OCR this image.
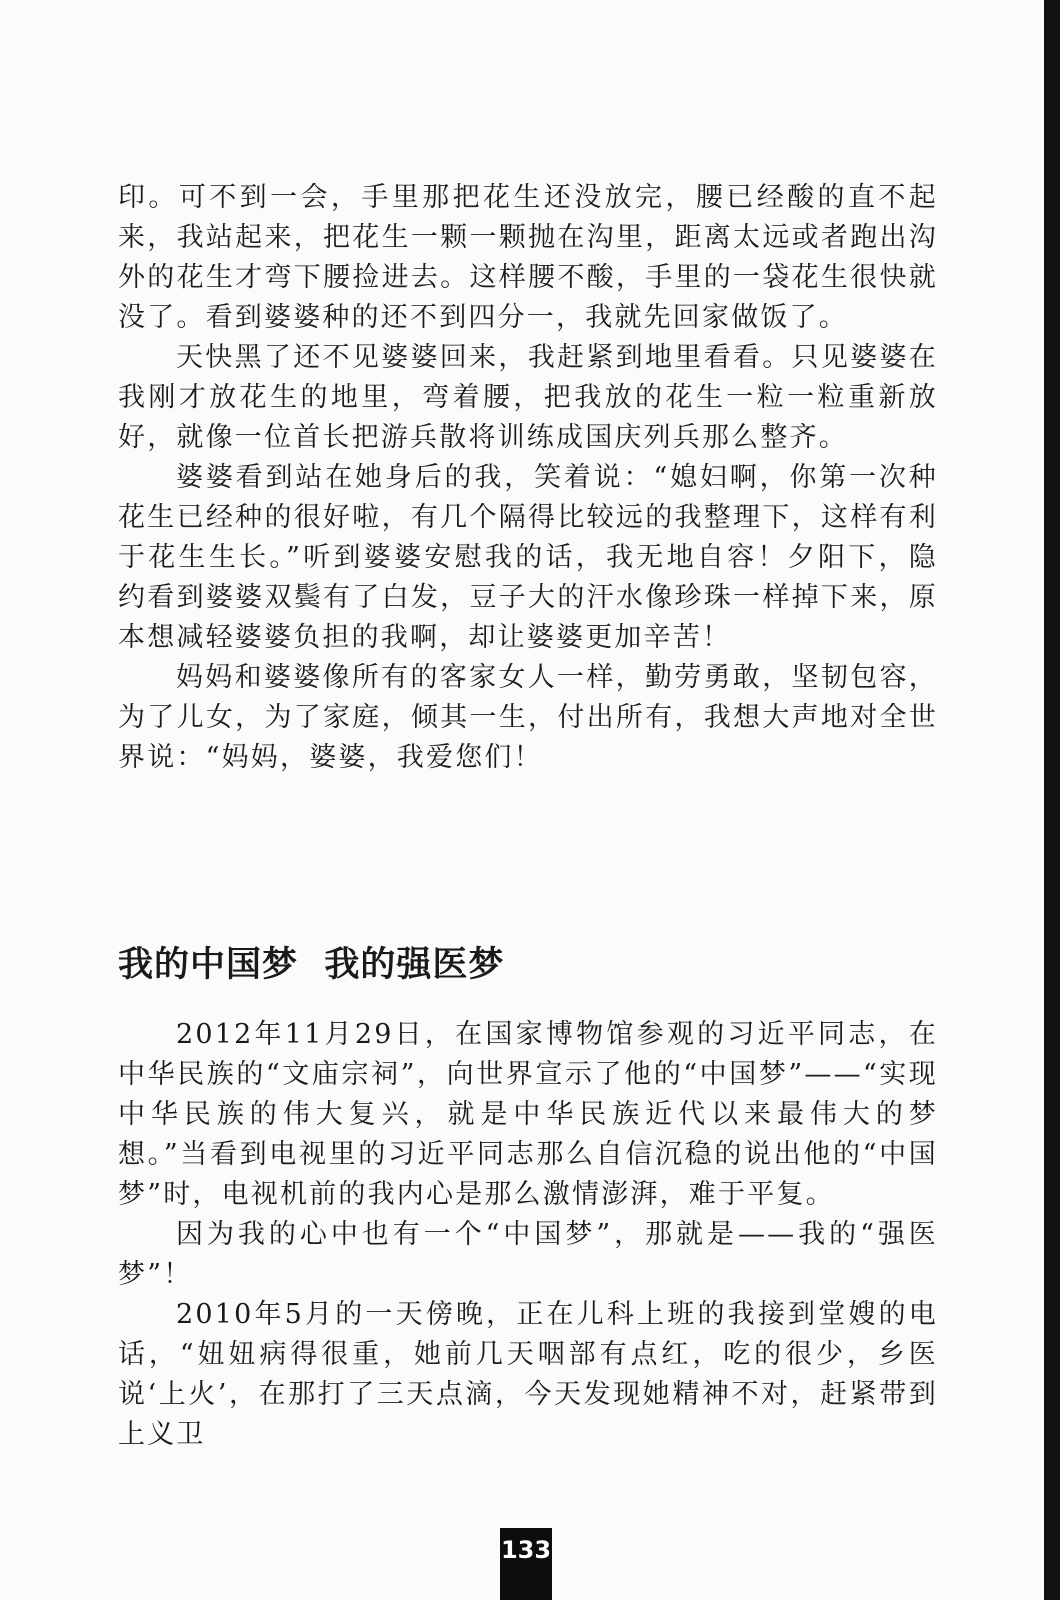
印。可不到一会，手里那把花生还没放完，腰已经酸的直不起来，我站起来，把花生一颗一颗抛在沟里，距离太远或者跑出沟外的花生才弯下腰捡进去。这样腰不酸，手里的一袋花生很快就没了。看到婆婆种的还不到四分一，我就先回家做饭了。

天快黑了还不见婆婆回来，我赶紧到地里看看。只见婆婆在我刚才放花生的地里，弯着腰，把我放的花生一粒一粒重新放好，就像一位首长把游兵散将训练成国庆列兵那么整齐。

婆婆看到站在她身后的我，笑着说：“媳妇啊，你第一次种花生已经种的很好啦，有几个隔得比较远的我整理下，这样有利于花生生长。”听到婆婆安慰我的话，我无地自容！夕阳下，隐约看到婆婆双鬓有了白发，豆子大的汗水像珍珠一样掉下来，原本想减轻婆婆负担的我啊，却让婆婆更加辛苦！

妈妈和婆婆像所有的客家女人一样，勤劳勇敢，坚韧包容，为了儿女，为了家庭，倾其一生，付出所有，我想大声地对全世界说：“妈妈，婆婆，我爱您们！

我的中国梦  我的强医梦

2012年11月29日，在国家博物馆参观的习近平同志，在中华民族的“文庙宗祠”，向世界宣示了他的“中国梦”——“实现中华民族的伟大复兴，就是中华民族近代以来最伟大的梦想。”当看到电视里的习近平同志那么自信沉稳的说出他的“中国梦”时，电视机前的我内心是那么激情澎湃，难于平复。

因为我的心中也有一个“中国梦”，那就是——我的“强医梦”！

2010年5月的一天傍晚，正在儿科上班的我接到堂嫂的电话，“妞妞病得很重，她前几天咽部有点红，吃的很少，乡医说‘上火’，在那打了三天点滴，今天发现她精神不对，赶紧带到上义卫

133
